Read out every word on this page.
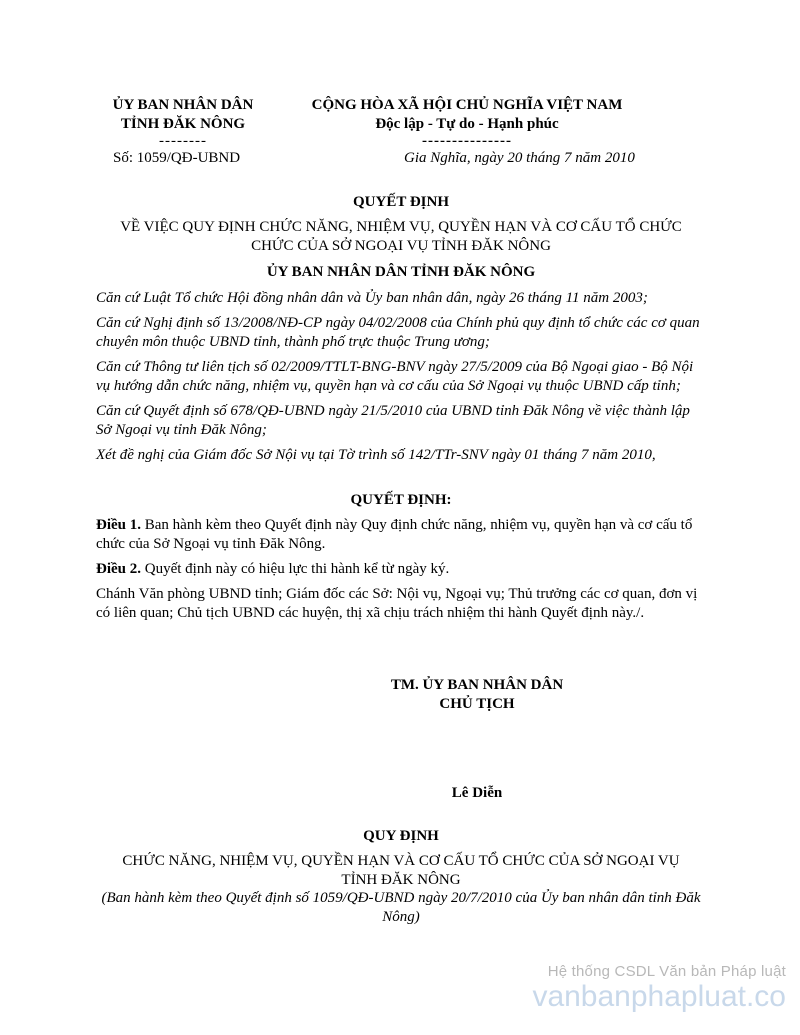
ỦY BAN NHÂN DÂN
TỈNH ĐĂK NÔNG
--------
Số: 1059/QĐ-UBND
CỘNG HÒA XÃ HỘI CHỦ NGHĨA VIỆT NAM
Độc lập - Tự do - Hạnh phúc
---------------
Gia Nghĩa, ngày 20 tháng 7 năm 2010
QUYẾT ĐỊNH
VỀ VIỆC QUY ĐỊNH CHỨC NĂNG, NHIỆM VỤ, QUYỀN HẠN VÀ CƠ CẤU TỔ CHỨC
CHỨC CỦA SỞ NGOẠI VỤ TỈNH ĐĂK NÔNG
ỦY BAN NHÂN DÂN TỈNH ĐĂK NÔNG

Căn cứ Luật Tổ chức Hội đồng nhân dân và Ủy ban nhân dân, ngày 26 tháng 11 năm 2003;

Căn cứ Nghị định số 13/2008/NĐ-CP ngày 04/02/2008 của Chính phủ quy định tổ chức các cơ quan chuyên môn thuộc UBND tỉnh, thành phố trực thuộc Trung ương;

Căn cứ Thông tư liên tịch số 02/2009/TTLT-BNG-BNV ngày 27/5/2009 của Bộ Ngoại giao - Bộ Nội vụ hướng dẫn chức năng, nhiệm vụ, quyền hạn và cơ cấu của Sở Ngoại vụ thuộc UBND cấp tỉnh;

Căn cứ Quyết định số 678/QĐ-UBND ngày 21/5/2010 của UBND tỉnh Đăk Nông về việc thành lập Sở Ngoại vụ tỉnh Đăk Nông;

Xét đề nghị của Giám đốc Sở Nội vụ tại Tờ trình số 142/TTr-SNV ngày 01 tháng 7 năm 2010,

QUYẾT ĐỊNH:

Điều 1. Ban hành kèm theo Quyết định này Quy định chức năng, nhiệm vụ, quyền hạn và cơ cấu tổ chức của Sở Ngoại vụ tỉnh Đăk Nông.

Điều 2. Quyết định này có hiệu lực thi hành kể từ ngày ký.

Chánh Văn phòng UBND tỉnh; Giám đốc các Sở: Nội vụ, Ngoại vụ; Thủ trưởng các cơ quan, đơn vị có liên quan; Chủ tịch UBND các huyện, thị xã chịu trách nhiệm thi hành Quyết định này./.

TM. ỦY BAN NHÂN DÂN
CHỦ TỊCH
Lê Diễn
QUY ĐỊNH
CHỨC NĂNG, NHIỆM VỤ, QUYỀN HẠN VÀ CƠ CẤU TỔ CHỨC CỦA SỞ NGOẠI VỤ
TỈNH ĐĂK NÔNG
(Ban hành kèm theo Quyết định số 1059/QĐ-UBND ngày 20/7/2010 của Ủy ban nhân dân tỉnh Đăk Nông)
Hệ thống CSDL Văn bản Pháp luật
vanbanphapluat.co
